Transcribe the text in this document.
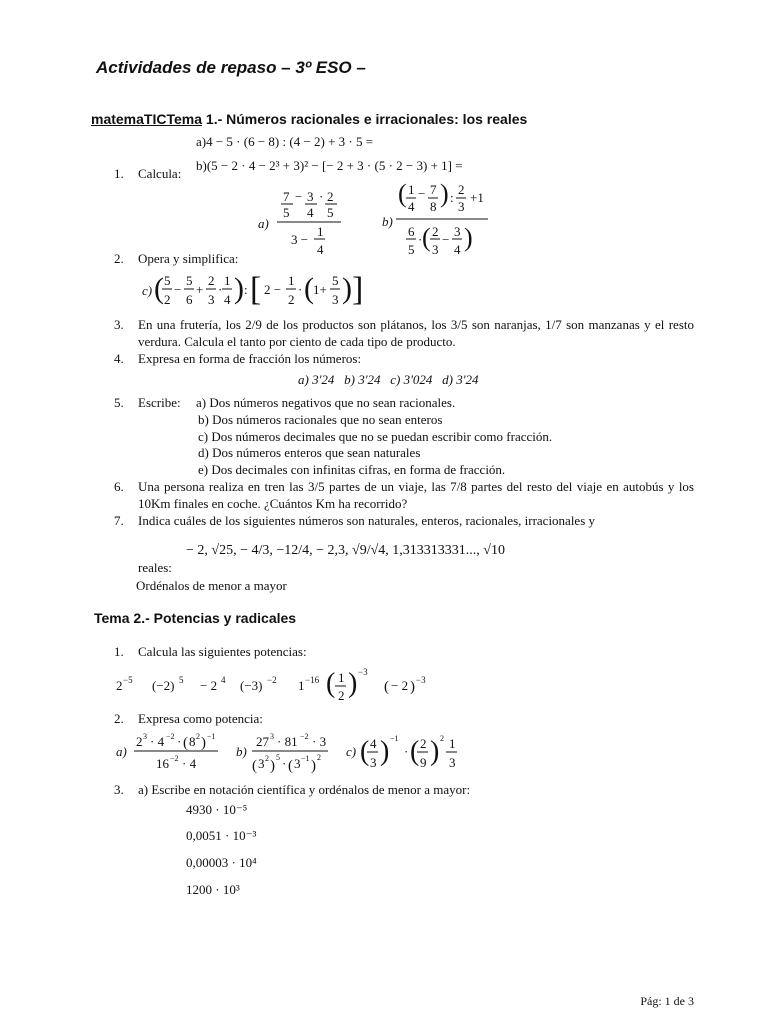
Actividades de repaso – 3º ESO –
matemaTICTema 1.- Números racionales e irracionales: los reales
a)4 − 5 · (6 − 8) : (4 − 2) + 3 · 5 =
1. Calcula:
b)(5 − 2 · 4 − 2³ + 3)² − [− 2 + 3 · (5 · 2 − 3) + 1] =
a)
7 − 3 · 2
5 4 5
3 −
1
4
b)
( 1 − 7
4 8 ) :
2
3
+1
6
5
· ( 2
3
−
3
4 )
2. Opera y simplifica:
c) ( 5
2
−
5
6
+
2
3
·
1
4 ) : [ 2 −
1
2
· ( 1+
5
3 ) ]
3. En una frutería, los 2/9 de los productos son plátanos, los 3/5 son naranjas, 1/7 son manzanas y el resto verdura. Calcula el tanto por ciento de cada tipo de producto.
4. Expresa en forma de fracción los números:
a) 3'24 b) 3'24 c) 3'024 d) 3'24
5. Escribe: a) Dos números negativos que no sean racionales.
b) Dos números racionales que no sean enteros
c) Dos números decimales que no se puedan escribir como fracción.
d) Dos números enteros que sean naturales
e) Dos decimales con infinitas cifras, en forma de fracción.
6. Una persona realiza en tren las 3/5 partes de un viaje, las 7/8 partes del resto del viaje en autobús y los 10Km finales en coche. ¿Cuántos Km ha recorrido?
7. Indica cuáles de los siguientes números son naturales, enteros, racionales, irracionales y
− 2, √25, − 4/3, −12/4, − 2,3, √9/√4, 1,313313331..., √10
reales:
Ordénalos de menor a mayor
Tema 2.- Potencias y radicales
1. Calcula las siguientes potencias:
2 −5 (−2) 5 − 2 4 (−3) −2 1 −16 ( 1
2 ) −3
( − 2 ) −3
2. Expresa como potencia:
a)
2 3 · 4 −2 · ( 8 2 ) −1
16 −2 · 4
b)
27 3 · 81 −2 · 3
( 3 2 )
5 · ( 3 −1 )
2 c) ( 4
3 ) −1
· ( 2
9 ) 2 1
3
3. a) Escribe en notación científica y ordénalos de menor a mayor:
4930 · 10⁻⁵
0,0051 · 10⁻³
0,00003 · 10⁴
1200 · 10³
Pág: 1 de 3
